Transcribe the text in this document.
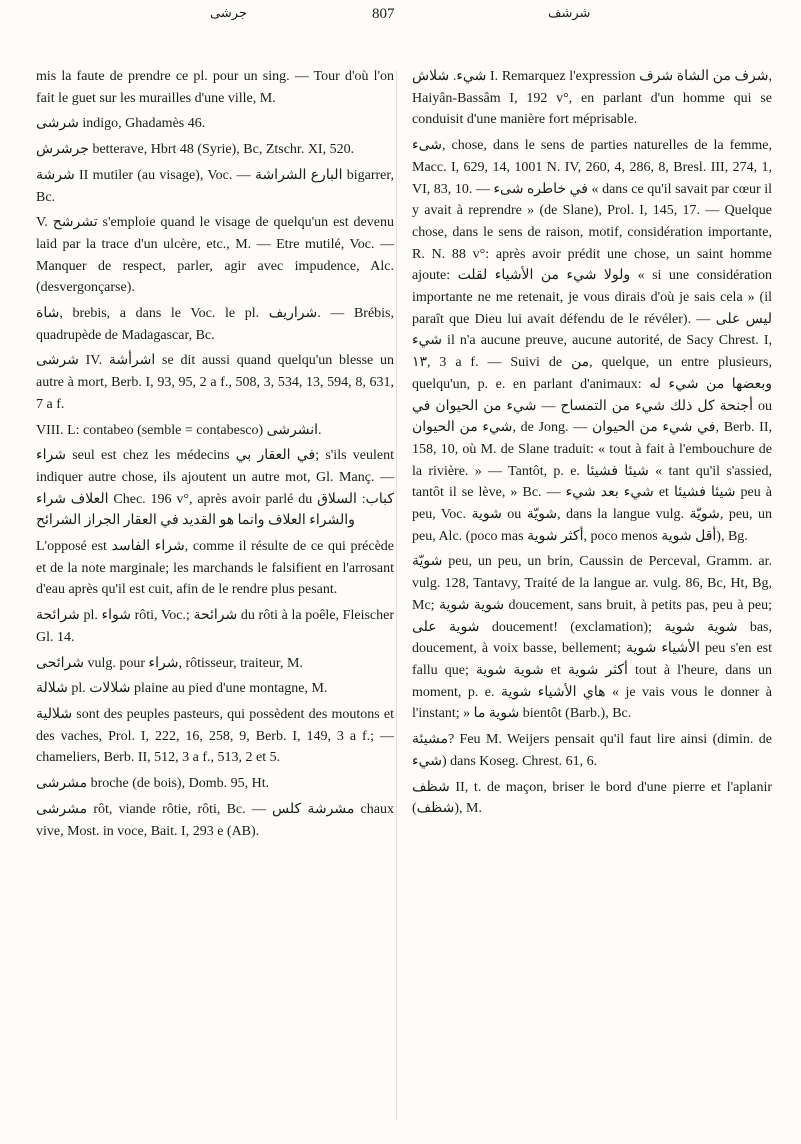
جرشی	807	شرشف

mis la faute de prendre ce pl. pour un sing. — Tour d'où l'on fait le guet sur les murailles d'une ville, M.

شرشی indigo, Ghadamès 46.

جرشرش betterave, Hbrt 48 (Syrie), Bc, Ztschr. XI, 520.

شرشة II mutiler (au visage), Voc. — البارع الشراشة bigarrer, Bc.

V. تشرشح s'emploie quand le visage de quelqu'un est devenu laid par la trace d'un ulcère, etc., M. — Etre mutilé, Voc. — Manquer de respect, parler, agir avec impudence, Alc. (desvergonçarse).

شاة, brebis, a dans le Voc. le pl. شراريف. — Brébis, quadrupède de Madagascar, Bc.

شرشی IV. اشرأشة se dit aussi quand quelqu'un blesse un autre à mort, Berb. I, 93, 95, 2 a f., 508, 3, 534, 13, 594, 8, 631, 7 a f.

VIII. L: contabeo (semble = contabesco) انشرشی.

شراء seul est chez les médecins في العقار بي; s'ils veulent indiquer autre chose, ils ajoutent un autre mot, Gl. Manç. — العلاف شراء Chec. 196 v°, après avoir parlé du کباب: السلاق والشراء العلاف وانما هو القديد في العقار الجراز الشرائح

L'opposé est شراء الفاسد, comme il résulte de ce qui précède et de la note marginale; les marchands le falsifient en l'arrosant d'eau après qu'il est cuit, afin de le rendre plus pesant.

شرائحة pl. شواء rôti, Voc.; شرائحة du rôti à la poêle, Fleischer Gl. 14.

شرائحی vulg. pour شراء, rôtisseur, traiteur, M.

شلالة pl. شلالات plaine au pied d'une montagne, M.

شلالیة sont des peuples pasteurs, qui possèdent des moutons et des vaches, Prol. I, 222, 16, 258, 9, Berb. I, 149, 3 a f.; — chameliers, Berb. II, 512, 3 a f., 513, 2 et 5.

مشرشی broche (de bois), Domb. 95, Ht.

مشرشی rôt, viande rôtie, rôti, Bc. — مشرشة كلس chaux vive, Most. in voce, Bait. I, 293 e (AB).

شيء. شلاش I. Remarquez l'expression شرف من الشاة شرف, Haiyân-Bassâm I, 192 v°, en parlant d'un homme qui se conduisit d'une manière fort méprisable.

شیء, chose, dans le sens de parties naturelles de la femme, Macc. I, 629, 14, 1001 N. IV, 260, 4, 286, 8, Bresl. III, 274, 1, VI, 83, 10. — في خاطره شیء « dans ce qu'il savait par cœur il y avait à reprendre » (de Slane), Prol. I, 145, 17. — Quelque chose, dans le sens de raison, motif, considération importante, R. N. 88 v°: après avoir prédit une chose, un saint homme ajoute: ولولا شيء من الأشياء لقلت « si une considération importante ne me retenait, je vous dirais d'où je sais cela » (il paraît que Dieu lui avait défendu de le révéler). — ليس على شيء il n'a aucune preuve, aucune autorité, de Sacy Chrest. I, ١٣, 3 a f. — Suivi de من, quelque, un entre plusieurs, quelqu'un, p. e. en parlant d'animaux: وبعضها من شيء له أجنحة كل ذلك شيء من التمساح — شيء من الحيوان في ou شيء من الحيوان, de Jong. — في شيء من الحيوان, Berb. II, 158, 10, où M. de Slane traduit: « tout à fait à l'embouchure de la rivière. » — Tantôt, p. e. شيئا فشيئا « tant qu'il s'assied, tantôt il se lève, » Bc. — شيء بعد شيء et شيئا فشيئا peu à peu, Voc. شوية ou شويّة, dans la langue vulg. شويّة, peu, un peu, Alc. (poco mas أكثر شوية, poco menos أقل شوية), Bg.

شويّة peu, un peu, un brin, Caussin de Perceval, Gramm. ar. vulg. 128, Tantavy, Traité de la langue ar. vulg. 86, Bc, Ht, Bg, Mc; شوية شوية doucement, sans bruit, à petits pas, peu à peu; شوية على doucement! (exclamation); شوية شوية bas, doucement, à voix basse, bellement; الأشياء شوية peu s'en est fallu que; شوية شوية et أكثر شوية tout à l'heure, dans un moment, p. e. هاي الأشياء شوية « je vais vous le donner à l'instant; » شوية ما bientôt (Barb.), Bc.

مشيئة? Feu M. Weijers pensait qu'il faut lire ainsi (dimin. de شيء) dans Koseg. Chrest. 61, 6.

شظف II, t. de maçon, briser le bord d'une pierre et l'aplanir (شظف), M.
